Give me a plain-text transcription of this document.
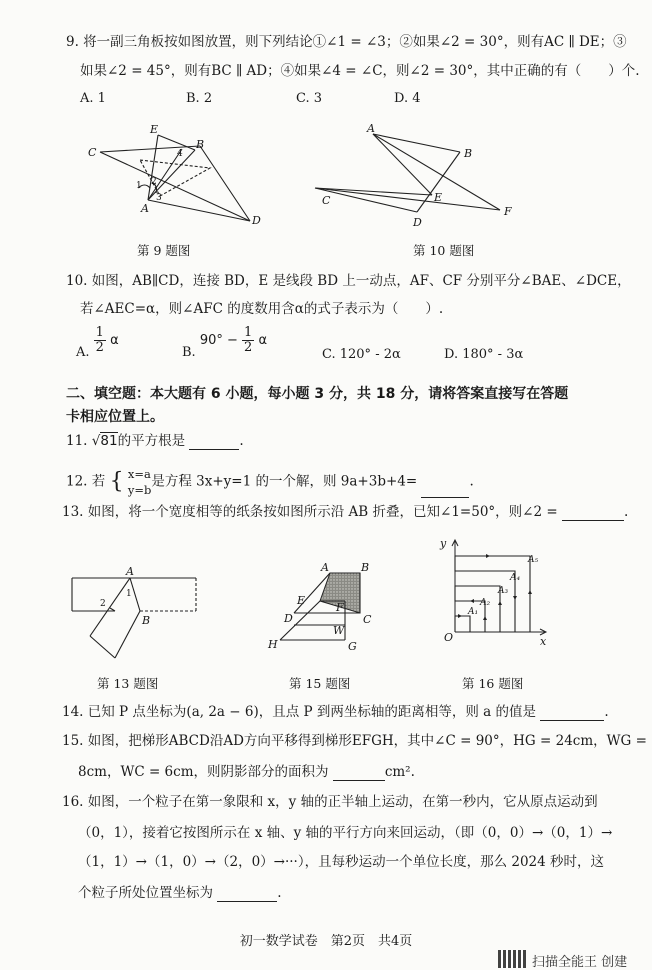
9. 将一副三角板按如图放置，则下列结论①∠1 = ∠3；②如果∠2 = 30°，则有AC ∥ DE；③
如果∠2 = 45°，则有BC ∥ AD；④如果∠4 = ∠C，则∠2 = 30°，其中正确的有（　　）个.
A. 1	B. 2	C. 3	D. 4
E
B
C
A
D
1 2
3
4
第 9 题图
A
B
C
D
E
F
第 10 题图
10. 如图，AB∥CD，连接 BD，E 是线段 BD 上一动点，AF、CF 分别平分∠BAE、∠DCE，
若∠AEC=α，则∠AFC 的度数用含α的式子表示为（　　）.
A. $\frac{1}{2}$ α
B. $90^\circ - \frac{1}{2}$ α
C. 120° - 2α	D. 180° - 3α
二、填空题：本大题有 6 小题，每小题 3 分，共 18 分，请将答案直接写在答题
卡相应位置上。
11. √81的平方根是	.
12. 若 { x=a
y=b
是方程 3x+y=1 的一个解，则 9a+3b+4=	.
13. 如图，将一个宽度相等的纸条按如图所示沿 AB 折叠，已知∠1=50°，则∠2 =	.
A
B
1
2
第 13 题图
A	B
C
D
E
F
G
H
W
第 15 题图
y
x
O
A₁
A₂
A₃
A₄
A₅
第 16 题图
14. 已知 P 点坐标为(a, 2a − 6)，且点 P 到两坐标轴的距离相等，则 a 的值是	.
15. 如图，把梯形ABCD沿AD方向平移得到梯形EFGH，其中∠C = 90°，HG = 24cm，WG =
8cm，WC = 6cm，则阴影部分的面积为	cm².
16. 如图，一个粒子在第一象限和 x，y 轴的正半轴上运动，在第一秒内，它从原点运动到
（0，1），接着它按图所示在 x 轴、y 轴的平行方向来回运动，（即（0，0）→（0，1）→
（1，1）→（1，0）→（2，0）→···），且每秒运动一个单位长度，那么 2024 秒时，这
个粒子所处位置坐标为	.
初一数学试卷　第2页　共4页
扫描全能王 创建
